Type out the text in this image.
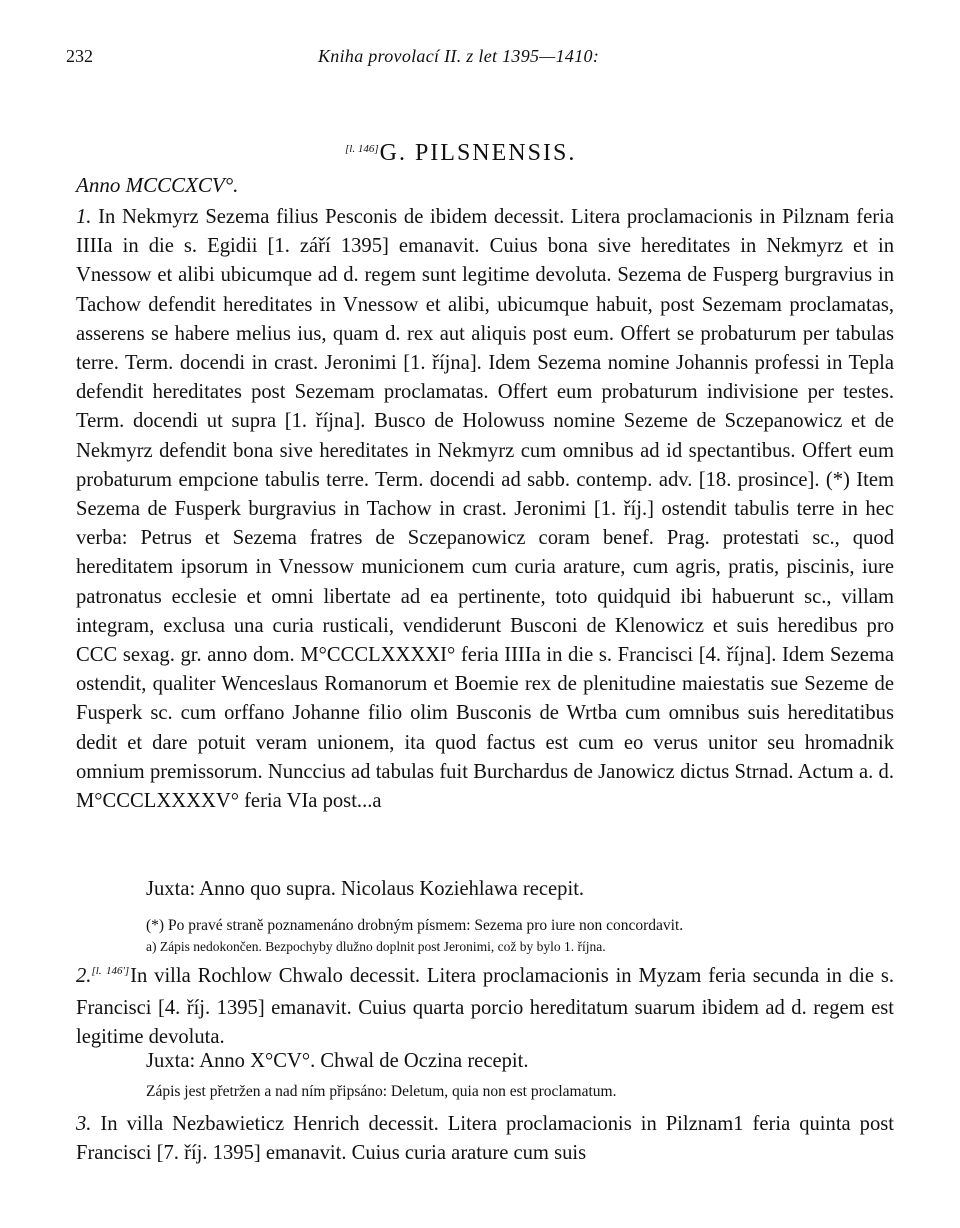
232	Kniha provolací II. z let 1395—1410:
[l. 146]G. PILSNENSIS.
Anno MCCCXCV°.

1. In Nekmyrz Sezema filius Pesconis de ibidem decessit. Litera proclamacionis in Pilznam feria IIIIa in die s. Egidii [1. září 1395] emanavit. Cuius bona sive hereditates in Nekmyrz et in Vnessow et alibi ubicumque ad d. regem sunt legitime devoluta. Sezema de Fusperg burgravius in Tachow defendit hereditates in Vnessow et alibi, ubicumque habuit, post Sezemam proclamatas, asserens se habere melius ius, quam d. rex aut aliquis post eum. Offert se probaturum per tabulas terre. Term. docendi in crast. Jeronimi [1. října]. Idem Sezema nomine Johannis professi in Tepla defendit hereditates post Sezemam proclamatas. Offert eum probaturum indivisione per testes. Term. docendi ut supra [1. října]. Busco de Holowuss nomine Sezeme de Sczepanowicz et de Nekmyrz defendit bona sive hereditates in Nekmyrz cum omnibus ad id spectantibus. Offert eum probaturum empcione tabulis terre. Term. docendi ad sabb. contemp. adv. [18. prosince]. (*) Item Sezema de Fusperk burgravius in Tachow in crast. Jeronimi [1. říj.] ostendit tabulis terre in hec verba: Petrus et Sezema fratres de Sczepanowicz coram benef. Prag. protestati sc., quod hereditatem ipsorum in Vnessow municionem cum curia arature, cum agris, pratis, piscinis, iure patronatus ecclesie et omni libertate ad ea pertinente, toto quidquid ibi habuerunt sc., villam integram, exclusa una curia rusticali, vendiderunt Busconi de Klenowicz et suis heredibus pro CCC sexag. gr. anno dom. M°CCCLXXXXI° feria IIIIa in die s. Francisci [4. října]. Idem Sezema ostendit, qualiter Wenceslaus Romanorum et Boemie rex de plenitudine maiestatis sue Sezeme de Fusperk sc. cum orffano Johanne filio olim Busconis de Wrtba cum omnibus suis hereditatibus dedit et dare potuit veram unionem, ita quod factus est cum eo verus unitor seu hromadnik omnium premissorum. Nunccius ad tabulas fuit Burchardus de Janowicz dictus Strnad. Actum a. d. M°CCCLXXXXV° feria VIa post...a

Juxta: Anno quo supra. Nicolaus Koziehlawa recepit.

(*) Po pravé straně poznamenáno drobným písmem: Sezema pro iure non concordavit.

a) Zápis nedokončen. Bezpochyby dlužno doplnit post Jeronimi, což by bylo 1. října.

2.[l. 146']In villa Rochlow Chwalo decessit. Litera proclamacionis in Myzam feria secunda in die s. Francisci [4. říj. 1395] emanavit. Cuius quarta porcio hereditatum suarum ibidem ad d. regem est legitime devoluta.

Juxta: Anno X°CV°. Chwal de Oczina recepit.

Zápis jest přetržen a nad ním připsáno: Deletum, quia non est proclamatum.

3. In villa Nezbawieticz Henrich decessit. Litera proclamacionis in Pilznam1 feria quinta post Francisci [7. říj. 1395] emanavit. Cuius curia arature cum suis
